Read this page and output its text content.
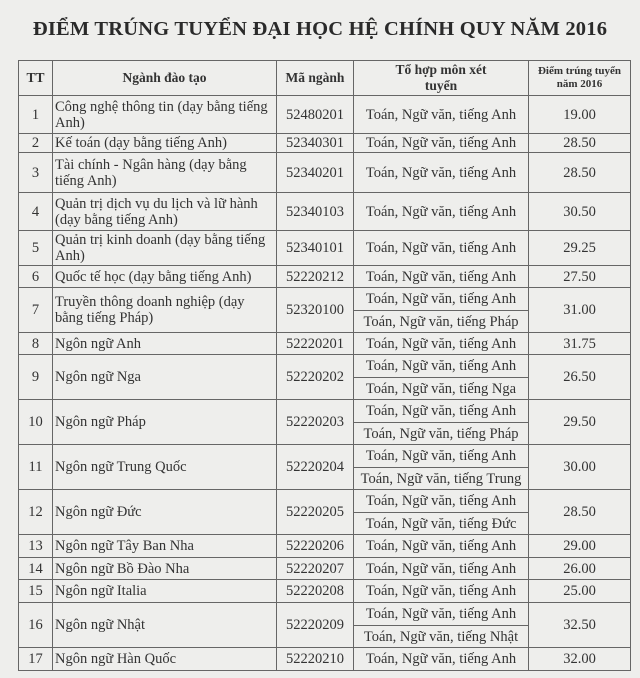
ĐIỂM TRÚNG TUYỂN ĐẠI HỌC HỆ CHÍNH QUY NĂM 2016
TT	Ngành đào tạo	Mã ngành	Tổ hợp môn xét tuyển	Điểm trúng tuyển năm 2016
1	Công nghệ thông tin (dạy bằng tiếng Anh)	52480201	Toán, Ngữ văn, tiếng Anh	19.00
2	Kế toán (dạy bằng tiếng Anh)	52340301	Toán, Ngữ văn, tiếng Anh	28.50
3	Tài chính - Ngân hàng (dạy bằng tiếng Anh)	52340201	Toán, Ngữ văn, tiếng Anh	28.50
4	Quản trị dịch vụ du lịch và lữ hành (dạy bằng tiếng Anh)	52340103	Toán, Ngữ văn, tiếng Anh	30.50
5	Quản trị kinh doanh (dạy bằng tiếng Anh)	52340101	Toán, Ngữ văn, tiếng Anh	29.25
6	Quốc tế học (dạy bằng tiếng Anh)	52220212	Toán, Ngữ văn, tiếng Anh	27.50
7	Truyền thông doanh nghiệp (dạy bằng tiếng Pháp)	52320100	Toán, Ngữ văn, tiếng Anh	31.00
			Toán, Ngữ văn, tiếng Pháp	
8	Ngôn ngữ Anh	52220201	Toán, Ngữ văn, tiếng Anh	31.75
9	Ngôn ngữ Nga	52220202	Toán, Ngữ văn, tiếng Anh	26.50
			Toán, Ngữ văn, tiếng Nga	
10	Ngôn ngữ Pháp	52220203	Toán, Ngữ văn, tiếng Anh	29.50
			Toán, Ngữ văn, tiếng Pháp	
11	Ngôn ngữ Trung Quốc	52220204	Toán, Ngữ văn, tiếng Anh	30.00
			Toán, Ngữ văn, tiếng Trung	
12	Ngôn ngữ Đức	52220205	Toán, Ngữ văn, tiếng Anh	28.50
			Toán, Ngữ văn, tiếng Đức	
13	Ngôn ngữ Tây Ban Nha	52220206	Toán, Ngữ văn, tiếng Anh	29.00
14	Ngôn ngữ Bồ Đào Nha	52220207	Toán, Ngữ văn, tiếng Anh	26.00
15	Ngôn ngữ Italia	52220208	Toán, Ngữ văn, tiếng Anh	25.00
16	Ngôn ngữ Nhật	52220209	Toán, Ngữ văn, tiếng Anh	32.50
			Toán, Ngữ văn, tiếng Nhật	
17	Ngôn ngữ Hàn Quốc	52220210	Toán, Ngữ văn, tiếng Anh	32.00
